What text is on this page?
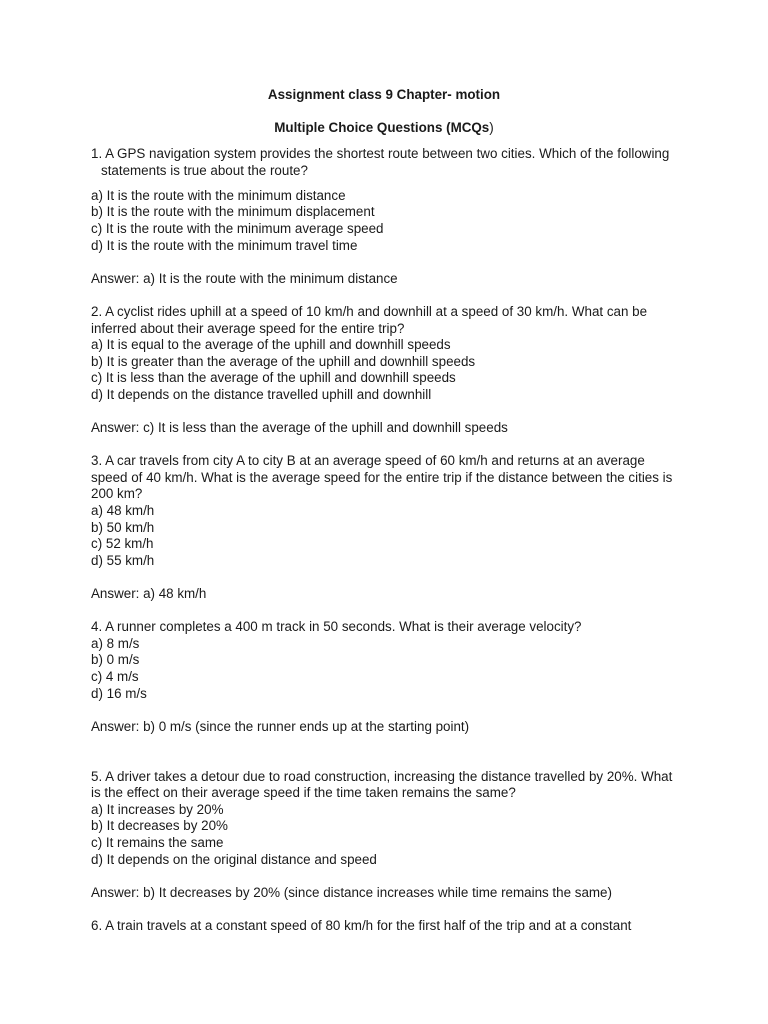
Assignment class 9 Chapter- motion
Multiple Choice Questions (MCQs)

1. A GPS navigation system provides the shortest route between two cities. Which of the following statements is true about the route?

a) It is the route with the minimum distance

b) It is the route with the minimum displacement

c) It is the route with the minimum average speed

d) It is the route with the minimum travel time

Answer: a) It is the route with the minimum distance

2. A cyclist rides uphill at a speed of 10 km/h and downhill at a speed of 30 km/h. What can be inferred about their average speed for the entire trip?

a) It is equal to the average of the uphill and downhill speeds

b) It is greater than the average of the uphill and downhill speeds

c) It is less than the average of the uphill and downhill speeds

d) It depends on the distance travelled uphill and downhill

Answer: c) It is less than the average of the uphill and downhill speeds

3. A car travels from city A to city B at an average speed of 60 km/h and returns at an average speed of 40 km/h. What is the average speed for the entire trip if the distance between the cities is 200 km?

a) 48 km/h

b) 50 km/h

c) 52 km/h

d) 55 km/h

Answer: a) 48 km/h

4. A runner completes a 400 m track in 50 seconds. What is their average velocity?

a) 8 m/s

b) 0 m/s

c) 4 m/s

d) 16 m/s

Answer: b) 0 m/s (since the runner ends up at the starting point)

5. A driver takes a detour due to road construction, increasing the distance travelled by 20%. What is the effect on their average speed if the time taken remains the same?

a) It increases by 20%

b) It decreases by 20%

c) It remains the same

d) It depends on the original distance and speed

Answer: b) It decreases by 20% (since distance increases while time remains the same)

6. A train travels at a constant speed of 80 km/h for the first half of the trip and at a constant
